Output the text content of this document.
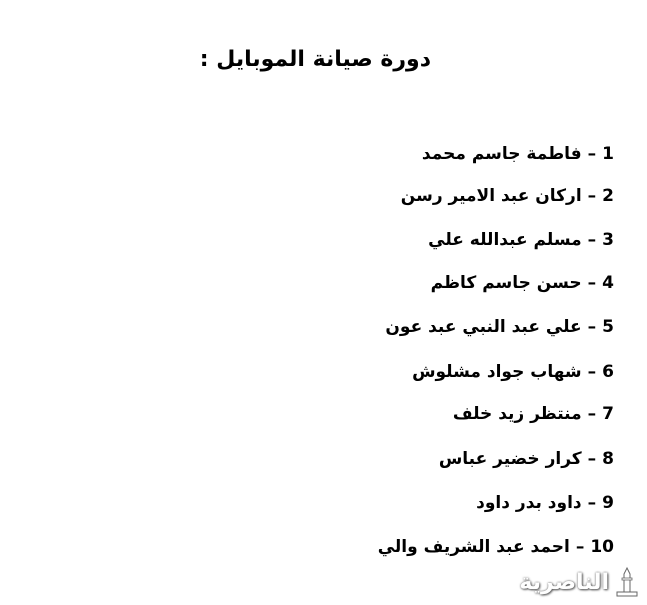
دورة صيانة الموبايل :
1–فاطمة جاسم محمد
2–اركان عبد الامير رسن
3–مسلم عبدالله علي
4–حسن جاسم كاظم
5–علي عبد النبي عبد عون
6–شهاب جواد مشلوش
7–منتظر زيد خلف
8–كرار خضير عباس
9–داود بدر داود
10–احمد عبد الشريف والي
الناصرية
